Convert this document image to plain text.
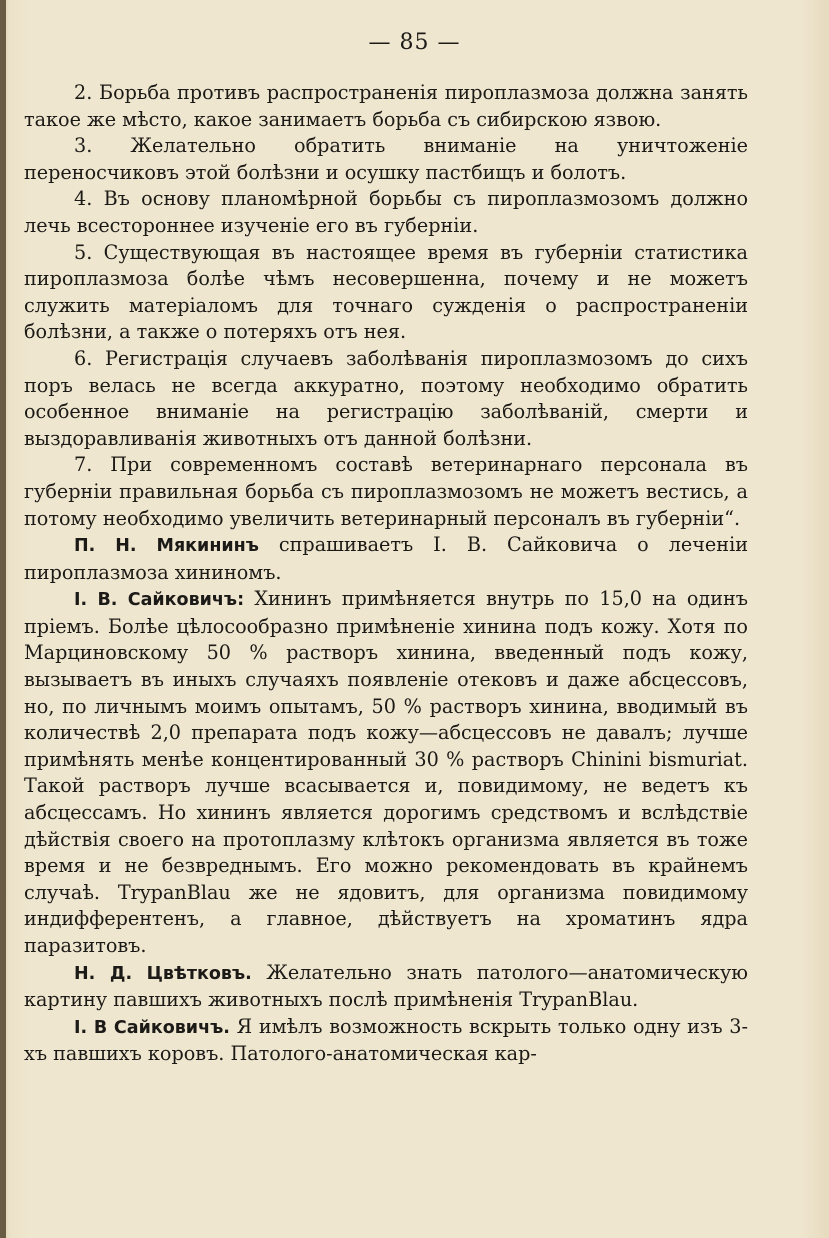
— 85 —

2. Борьба противъ распространенія пироплазмоза должна занять такое же мѣсто, какое занимаетъ борьба съ сибирскою язвою.

3. Желательно обратить вниманіе на уничтоженіе переносчиковъ этой болѣзни и осушку пастбищъ и болотъ.

4. Въ основу планомѣрной борьбы съ пироплазмозомъ должно лечь всестороннее изученіе его въ губерніи.

5. Существующая въ настоящее время въ губерніи статистика пироплазмоза болѣе чѣмъ несовершенна, почему и не можетъ служить матеріаломъ для точнаго сужденія о распространеніи болѣзни, а также о потеряхъ отъ нея.

6. Регистрація случаевъ заболѣванія пироплазмозомъ до сихъ поръ велась не всегда аккуратно, поэтому необходимо обратить особенное вниманіе на регистрацію заболѣваній, смерти и выздоравливанія животныхъ отъ данной болѣзни.

7. При современномъ составѣ ветеринарнаго персонала въ губерніи правильная борьба съ пироплазмозомъ не можетъ вестись, а потому необходимо увеличить ветеринарный персоналъ въ губерніи“.

П. Н. Мякининъ спрашиваетъ І. В. Сайковича о леченіи пироплазмоза хининомъ.

І. В. Сайковичъ: Хининъ примѣняется внутрь по 15,0 на одинъ пріемъ. Болѣе цѣлосообразно примѣненіе хинина подъ кожу. Хотя по Марциновскому 50 % растворъ хинина, введенный подъ кожу, вызываетъ въ иныхъ случаяхъ появленіе отековъ и даже абсцессовъ, но, по личнымъ моимъ опытамъ, 50 % растворъ хинина, вводимый въ количествѣ 2,0 препарата подъ кожу—абсцессовъ не давалъ; лучше примѣнять менѣе концентированный 30 % растворъ Chinini bismuriat. Такой растворъ лучше всасывается и, повидимому, не ведетъ къ абсцессамъ. Но хининъ является дорогимъ средствомъ и вслѣдствіе дѣйствія своего на протоплазму клѣтокъ организма является въ тоже время и не безвреднымъ. Его можно рекомендовать въ крайнемъ случаѣ. TrypanBlau же не ядовитъ, для организма повидимому индифферентенъ, а главное, дѣйствуетъ на хроматинъ ядра паразитовъ.

Н. Д. Цвѣтковъ. Желательно знать патолого—анатомическую картину павшихъ животныхъ послѣ примѣненія TrypanBlau.

І. В Сайковичъ. Я имѣлъ возможность вскрыть только одну изъ 3-хъ павшихъ коровъ. Патолого-анатомическая кар-
